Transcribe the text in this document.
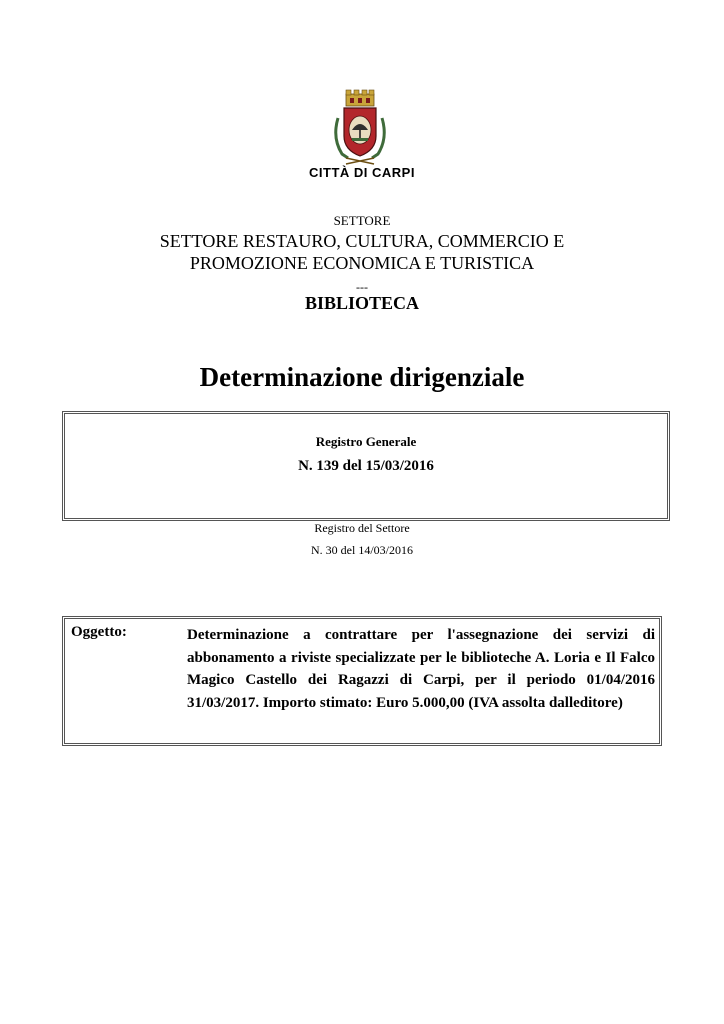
CITTÀ DI CARPI
SETTORE
SETTORE RESTAURO, CULTURA, COMMERCIO E
PROMOZIONE ECONOMICA E TURISTICA
---
BIBLIOTECA
Determinazione dirigenziale
Registro Generale
N. 139 del 15/03/2016
Registro del Settore
N. 30 del 14/03/2016
Oggetto:	Determinazione a contrattare per l'assegnazione dei servizi di abbonamento a riviste specializzate per le biblioteche A. Loria e Il Falco Magico Castello dei Ragazzi di Carpi, per il periodo 01/04/2016 31/03/2017. Importo stimato: Euro 5.000,00 (IVA assolta dalleditore)
